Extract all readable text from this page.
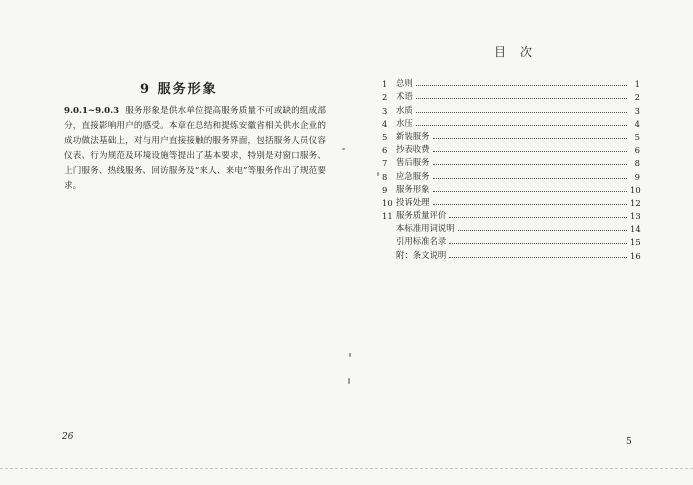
9 服务形象
9.0.1~9.0.3 服务形象是供水单位提高服务质量不可或缺的组成部分，直接影响用户的感受。本章在总结和提炼安徽省相关供水企业的成功做法基础上，对与用户直接接触的服务界面，包括服务人员仪容仪表、行为规范及环境设施等提出了基本要求，特别是对窗口服务、上门服务、热线服务、回访服务及“来人、来电”等服务作出了规范要求。
26
目次
1	总则	1
2	术语	2
3	水质	3
4	水压	4
5	新装服务	5
6	抄表收费	6
7	售后服务	8
8	应急服务	9
9	服务形象	10
10 投诉处理	12
11 服务质量评价	13
本标准用词说明	14
引用标准名录	15
附：条文说明	16
5
